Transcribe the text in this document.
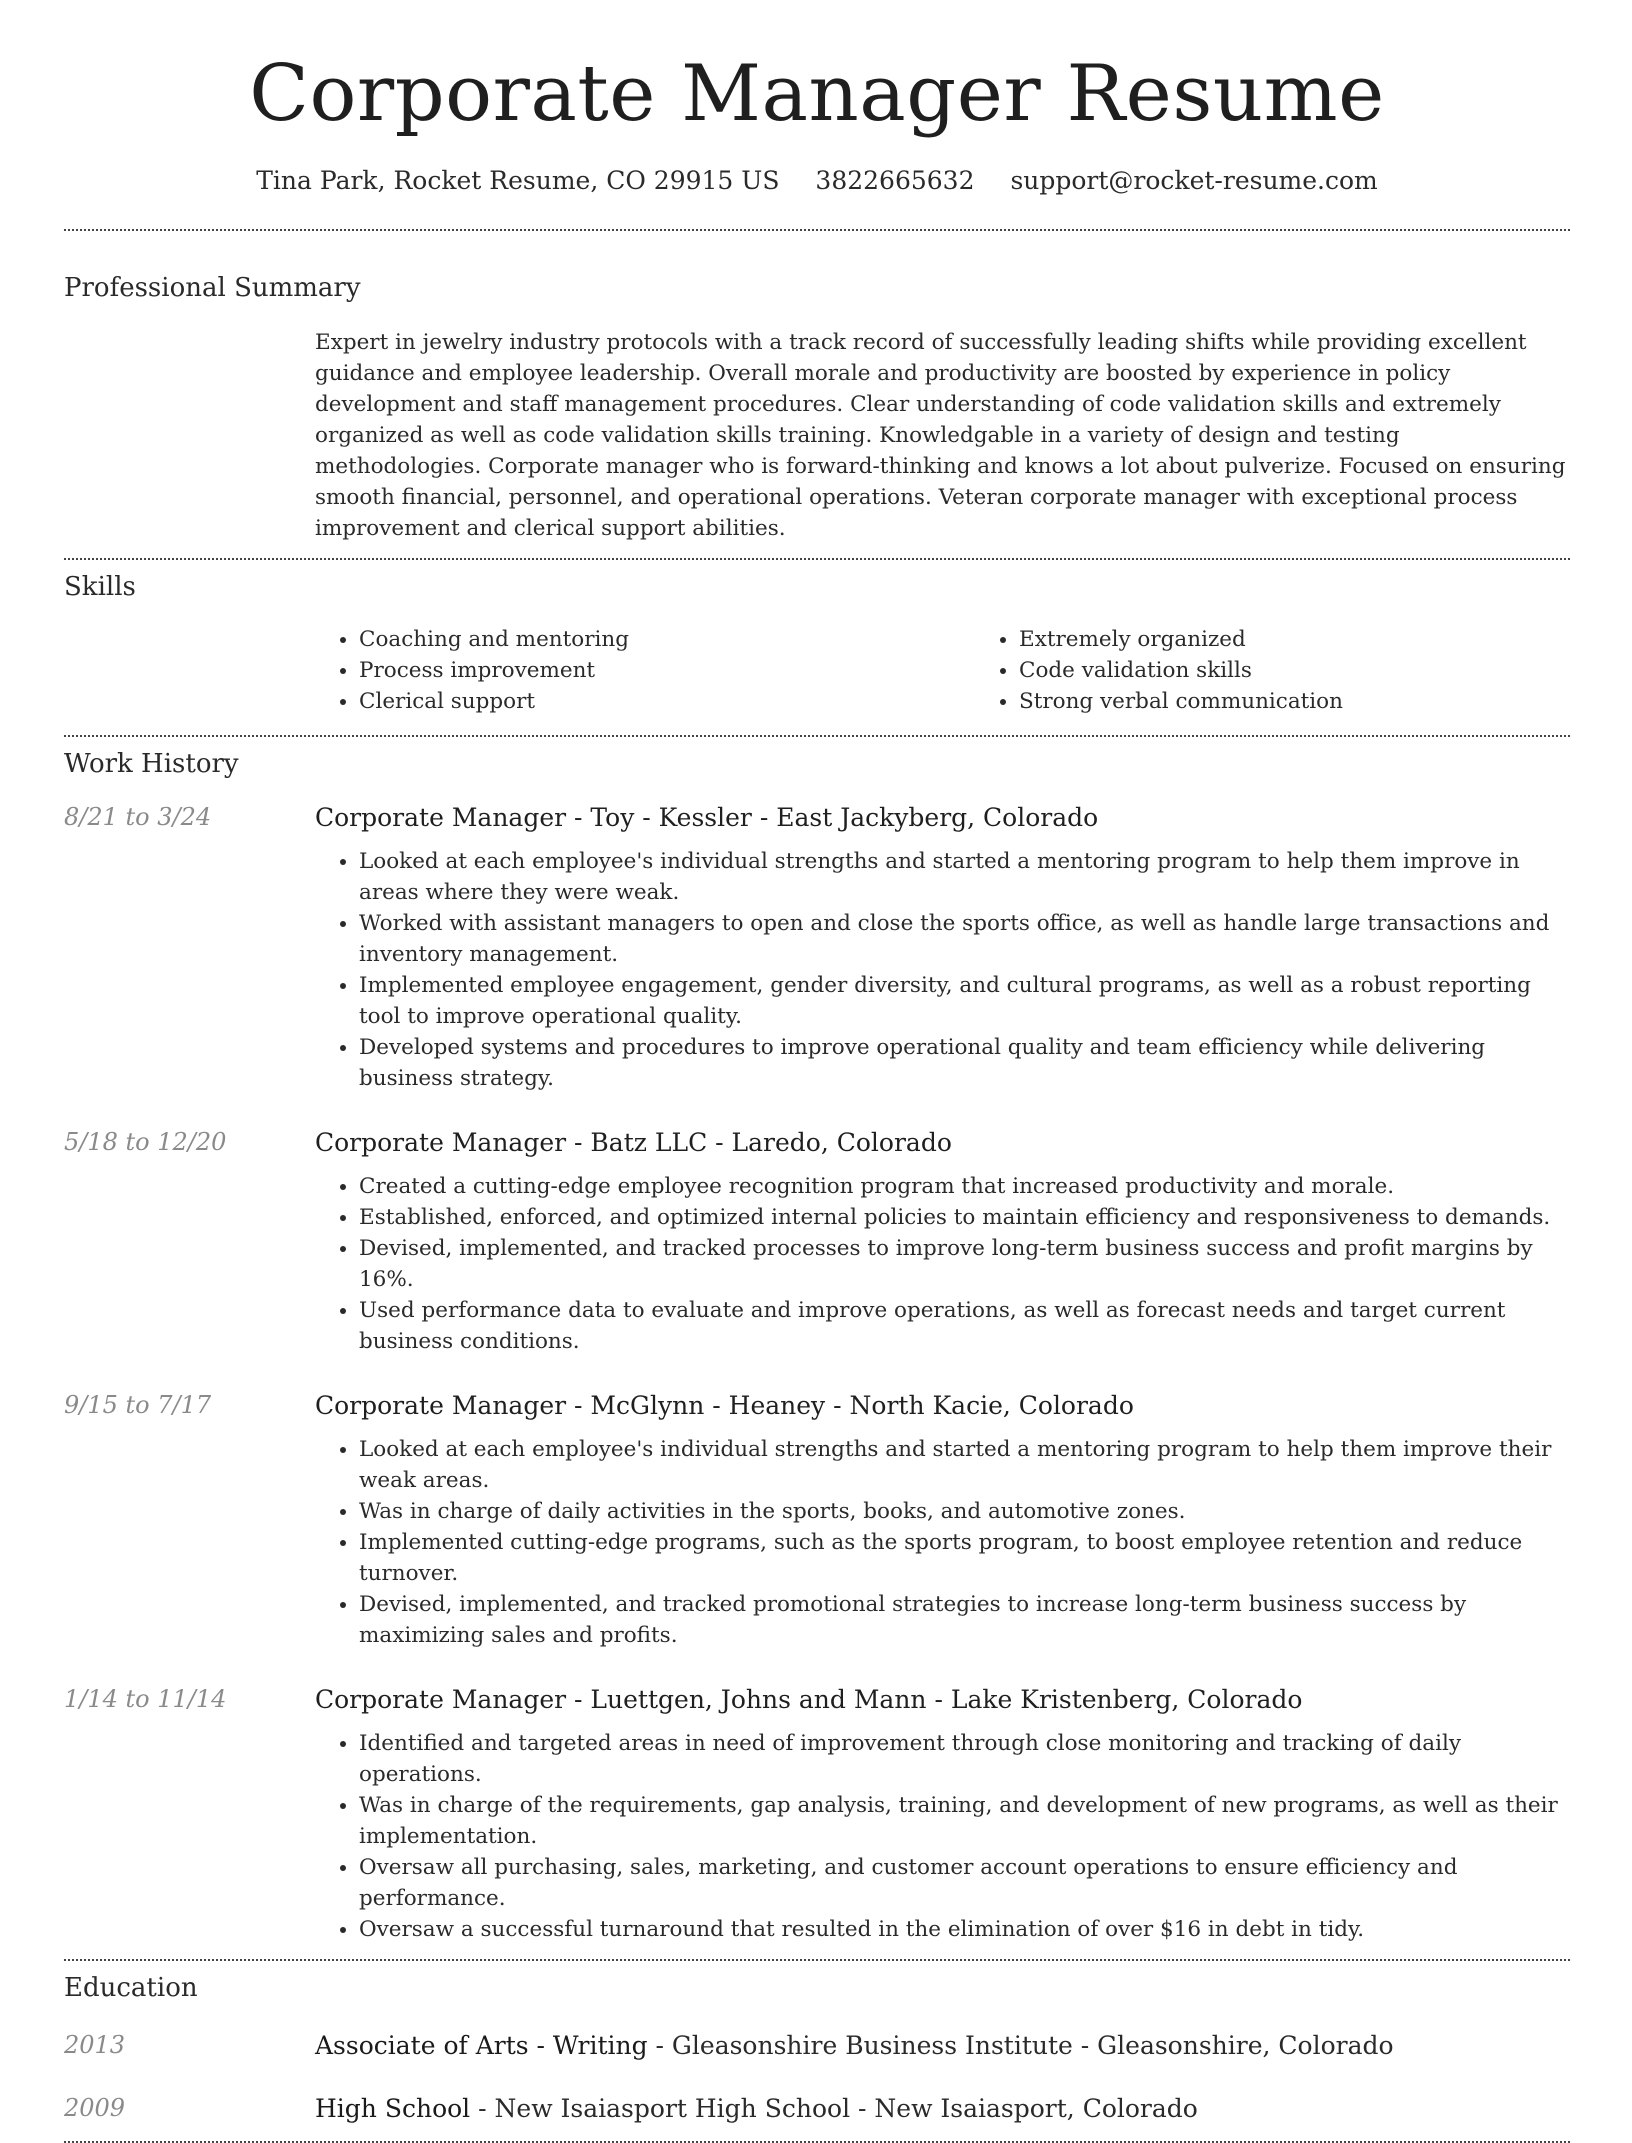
Corporate Manager Resume
Tina Park, Rocket Resume, CO 29915 US 3822665632 support@rocket-resume.com
Professional Summary

Expert in jewelry industry protocols with a track record of successfully leading shifts while providing excellent guidance and employee leadership. Overall morale and productivity are boosted by experience in policy development and staff management procedures. Clear understanding of code validation skills and extremely organized as well as code validation skills training. Knowledgable in a variety of design and testing methodologies. Corporate manager who is forward-thinking and knows a lot about pulverize. Focused on ensuring smooth financial, personnel, and operational operations. Veteran corporate manager with exceptional process improvement and clerical support abilities.

Skills
• Coaching and mentoring
• Process improvement
• Clerical support
• Extremely organized
• Code validation skills
• Strong verbal communication
Work History
8/21 to 3/24	Corporate Manager - Toy - Kessler - East Jackyberg, Colorado
• Looked at each employee's individual strengths and started a mentoring program to help them improve in areas where they were weak.
• Worked with assistant managers to open and close the sports office, as well as handle large transactions and inventory management.
• Implemented employee engagement, gender diversity, and cultural programs, as well as a robust reporting tool to improve operational quality.
• Developed systems and procedures to improve operational quality and team efficiency while delivering business strategy.
5/18 to 12/20	Corporate Manager - Batz LLC - Laredo, Colorado
• Created a cutting-edge employee recognition program that increased productivity and morale.
• Established, enforced, and optimized internal policies to maintain efficiency and responsiveness to demands.
• Devised, implemented, and tracked processes to improve long-term business success and profit margins by 16%.
• Used performance data to evaluate and improve operations, as well as forecast needs and target current business conditions.
9/15 to 7/17	Corporate Manager - McGlynn - Heaney - North Kacie, Colorado
• Looked at each employee's individual strengths and started a mentoring program to help them improve their weak areas.
• Was in charge of daily activities in the sports, books, and automotive zones.
• Implemented cutting-edge programs, such as the sports program, to boost employee retention and reduce turnover.
• Devised, implemented, and tracked promotional strategies to increase long-term business success by maximizing sales and profits.
1/14 to 11/14	Corporate Manager - Luettgen, Johns and Mann - Lake Kristenberg, Colorado
• Identified and targeted areas in need of improvement through close monitoring and tracking of daily operations.
• Was in charge of the requirements, gap analysis, training, and development of new programs, as well as their implementation.
• Oversaw all purchasing, sales, marketing, and customer account operations to ensure efficiency and performance.
• Oversaw a successful turnaround that resulted in the elimination of over $16 in debt in tidy.
Education
2013	Associate of Arts - Writing - Gleasonshire Business Institute - Gleasonshire, Colorado
2009	High School - New Isaiasport High School - New Isaiasport, Colorado
